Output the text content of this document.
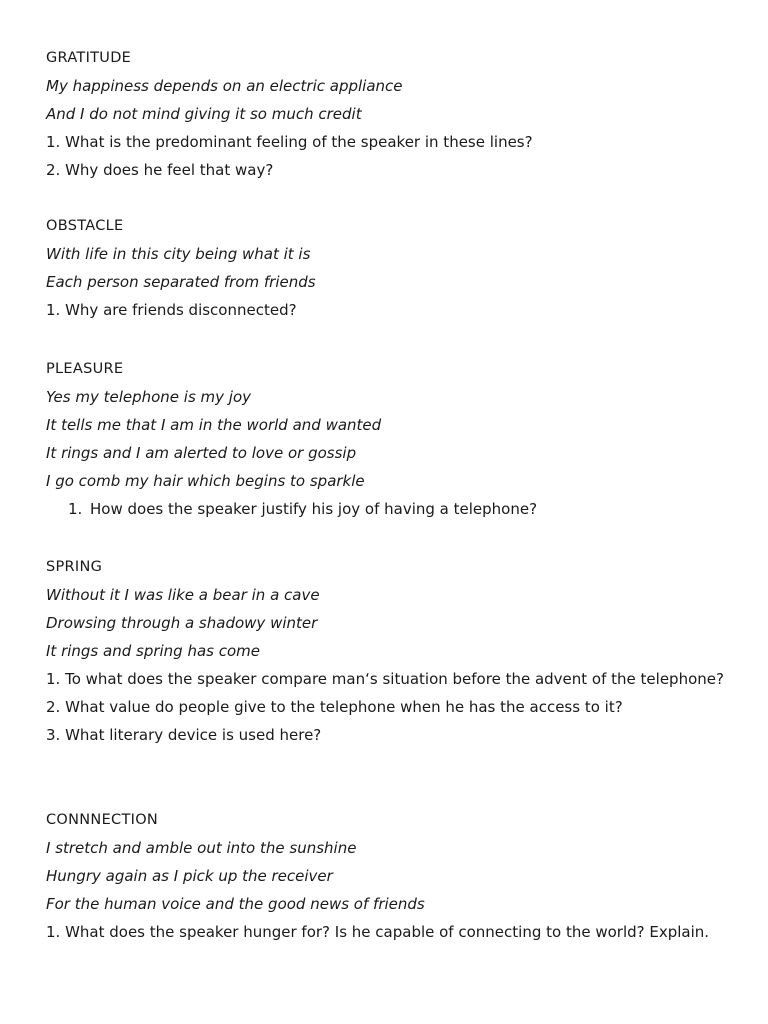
GRATITUDE
My happiness depends on an electric appliance
And I do not mind giving it so much credit
1. What is the predominant feeling of the speaker in these lines?
2. Why does he feel that way?
OBSTACLE
With life in this city being what it is
Each person separated from friends
1. Why are friends disconnected?
PLEASURE
Yes my telephone is my joy
It tells me that I am in the world and wanted
It rings and I am alerted to love or gossip
I go comb my hair which begins to sparkle
1. How does the speaker justify his joy of having a telephone?
SPRING
Without it I was like a bear in a cave
Drowsing through a shadowy winter
It rings and spring has come
1. To what does the speaker compare man‘s situation before the advent of the telephone?
2. What value do people give to the telephone when he has the access to it?
3. What literary device is used here?
CONNNECTION
I stretch and amble out into the sunshine
Hungry again as I pick up the receiver
For the human voice and the good news of friends
1. What does the speaker hunger for? Is he capable of connecting to the world? Explain.
